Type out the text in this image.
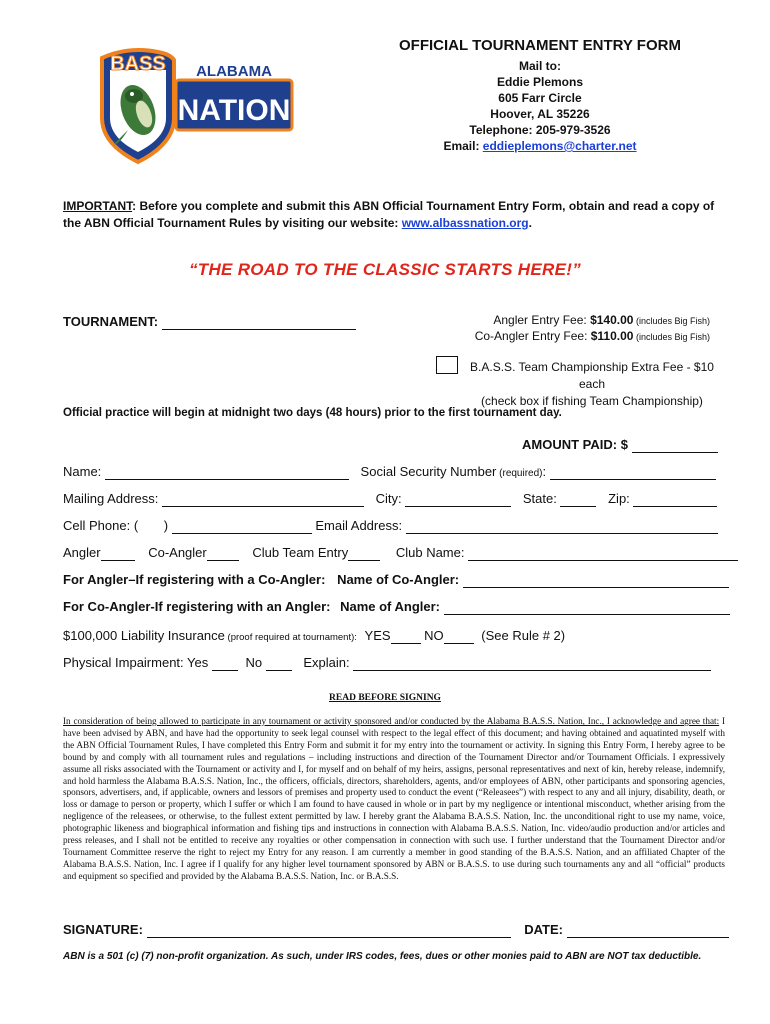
BASS
NATION
ALABAMA
OFFICIAL TOURNAMENT ENTRY FORM
Mail to:
Eddie Plemons
605 Farr Circle
Hoover, AL 35226
Telephone: 205-979-3526
Email: eddieplemons@charter.net
IMPORTANT: Before you complete and submit this ABN Official Tournament Entry Form, obtain and read a copy of the ABN Official Tournament Rules by visiting our website: www.albassnation.org.
“THE ROAD TO THE CLASSIC STARTS HERE!”
TOURNAMENT:	Angler Entry Fee: $140.00 (includes Big Fish)
Co-Angler Entry Fee: $110.00 (includes Big Fish)
B.A.S.S. Team Championship Extra Fee - $10 each
(check box if fishing Team Championship)
Official practice will begin at midnight two days (48 hours) prior to the first tournament day.
AMOUNT PAID: $
Name:	Social Security Number (required):
Mailing Address:	City:	State:	Zip:
Cell Phone: ( )	Email Address:
Angler	Co-Angler	Club Team Entry	Club Name:
For Angler–If registering with a Co-Angler: Name of Co-Angler:
For Co-Angler-If registering with an Angler: Name of Angler:
$100,000 Liability Insurance (proof required at tournament): YES	NO	(See Rule # 2)
Physical Impairment: Yes	No	Explain:
READ BEFORE SIGNING
In consideration of being allowed to participate in any tournament or activity sponsored and/or conducted by the Alabama B.A.S.S. Nation, Inc., I acknowledge and agree that: I have been advised by ABN, and have had the opportunity to seek legal counsel with respect to the legal effect of this document; and having obtained and aquatinted myself with the ABN Official Tournament Rules, I have completed this Entry Form and submit it for my entry into the tournament or activity. In signing this Entry Form, I hereby agree to be bound by and comply with all tournament rules and regulations – including instructions and direction of the Tournament Director and/or Tournament Officials. I expressively assume all risks associated with the Tournament or activity and I, for myself and on behalf of my heirs, assigns, personal representatives and next of kin, hereby release, indemnify, and hold harmless the Alabama B.A.S.S. Nation, Inc., the officers, officials, directors, shareholders, agents, and/or employees of ABN, other participants and sponsoring agencies, sponsors, advertisers, and, if applicable, owners and lessors of premises and property used to conduct the event (“Releasees”) with respect to any and all injury, disability, death, or loss or damage to person or property, which I suffer or which I am found to have caused in whole or in part by my negligence or intentional misconduct, whether arising from the negligence of the releasees, or otherwise, to the fullest extent permitted by law. I hereby grant the Alabama B.A.S.S. Nation, Inc. the unconditional right to use my name, voice, photographic likeness and biographical information and fishing tips and instructions in connection with Alabama B.A.S.S. Nation, Inc. video/audio production and/or articles and press releases, and I shall not be entitled to receive any royalties or other compensation in connection with such use. I further understand that the Tournament Director and/or Tournament Committee reserve the right to reject my Entry for any reason. I am currently a member in good standing of the B.A.S.S. Nation, and an affiliated Chapter of the Alabama B.A.S.S. Nation, Inc. I agree if I qualify for any higher level tournament sponsored by ABN or B.A.S.S. to use during such tournaments any and all “official” products and equipment so specified and provided by the Alabama B.A.S.S. Nation, Inc. or B.A.S.S.
SIGNATURE:	DATE:
ABN is a 501 (c) (7) non-profit organization. As such, under IRS codes, fees, dues or other monies paid to ABN are NOT tax deductible.
